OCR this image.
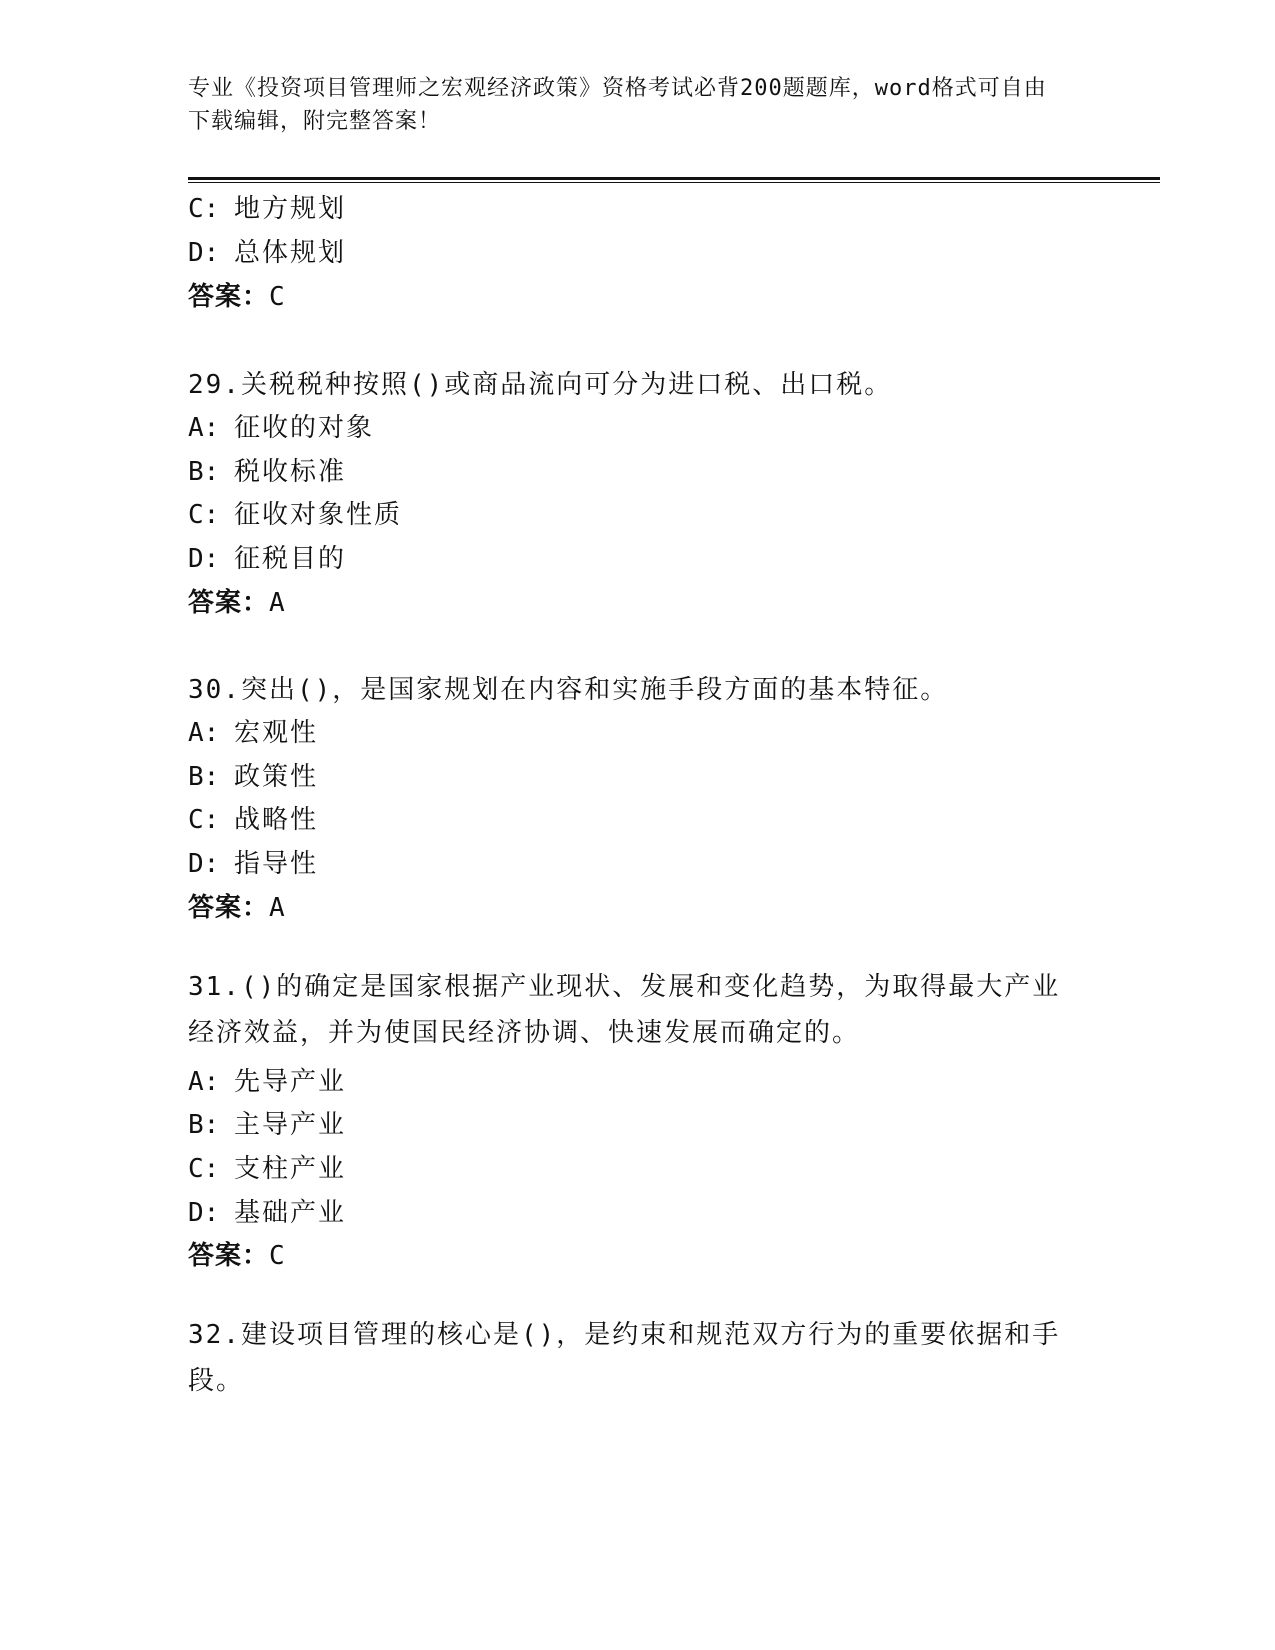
专业《投资项目管理师之宏观经济政策》资格考试必背200题题库，word格式可自由下载编辑，附完整答案！
C: 地方规划
D: 总体规划
答案：C
29.关税税种按照()或商品流向可分为进口税、出口税。
A: 征收的对象
B: 税收标准
C: 征收对象性质
D: 征税目的
答案：A
30.突出()，是国家规划在内容和实施手段方面的基本特征。
A: 宏观性
B: 政策性
C: 战略性
D: 指导性
答案：A
31.()的确定是国家根据产业现状、发展和变化趋势，为取得最大产业经济效益，并为使国民经济协调、快速发展而确定的。
A: 先导产业
B: 主导产业
C: 支柱产业
D: 基础产业
答案：C
32.建设项目管理的核心是()，是约束和规范双方行为的重要依据和手段。
